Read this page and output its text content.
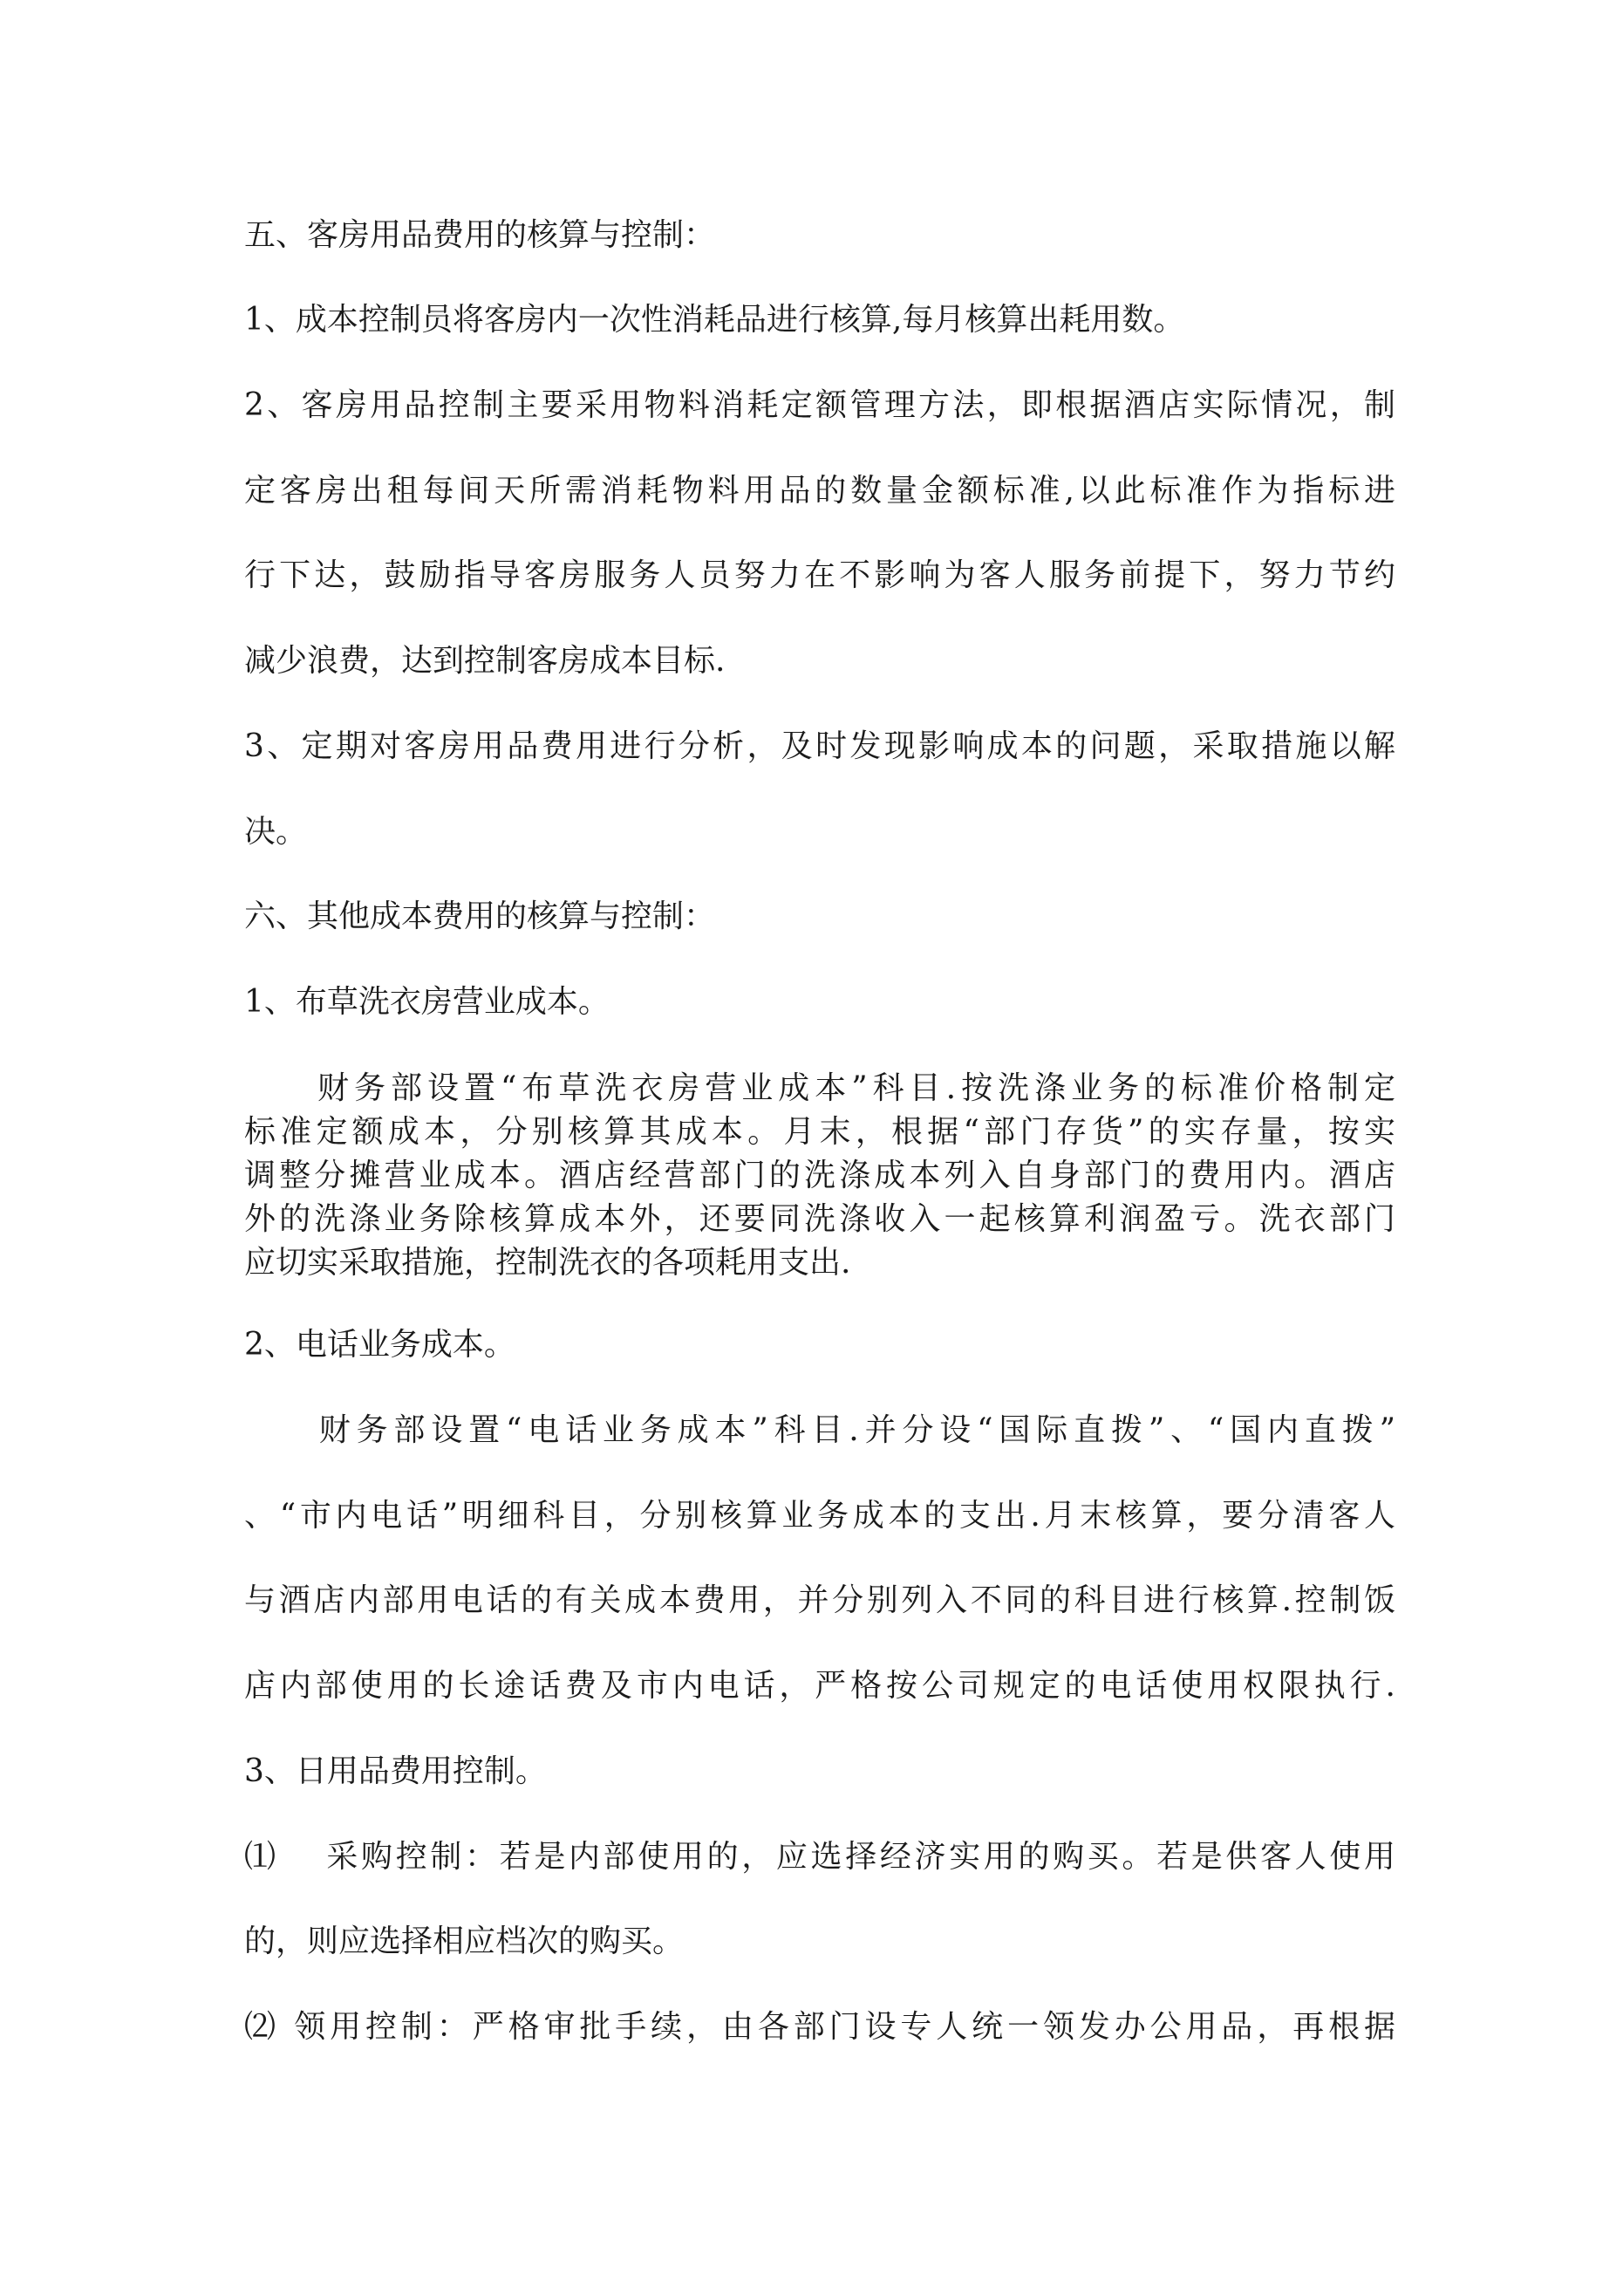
五、客房用品费用的核算与控制：
1、成本控制员将客房内一次性消耗品进行核算,每月核算出耗用数。
2、客房用品控制主要采用物料消耗定额管理方法，即根据酒店实际情况，制
定客房出租每间天所需消耗物料用品的数量金额标准,以此标准作为指标进
行下达，鼓励指导客房服务人员努力在不影响为客人服务前提下，努力节约
减少浪费，达到控制客房成本目标.
3、定期对客房用品费用进行分析，及时发现影响成本的问题，采取措施以解
决。
六、其他成本费用的核算与控制：
1、布草洗衣房营业成本。
　　财务部设置“布草洗衣房营业成本”科目.按洗涤业务的标准价格制定
标准定额成本，分别核算其成本。月末，根据“部门存货”的实存量，按实
调整分摊营业成本。酒店经营部门的洗涤成本列入自身部门的费用内。酒店
外的洗涤业务除核算成本外，还要同洗涤收入一起核算利润盈亏。洗衣部门
应切实采取措施，控制洗衣的各项耗用支出.
2、电话业务成本。
　　财务部设置“电话业务成本”科目.并分设“国际直拨”、“国内直拨”
、“市内电话”明细科目，分别核算业务成本的支出.月末核算，要分清客人
与酒店内部用电话的有关成本费用，并分别列入不同的科目进行核算.控制饭
店内部使用的长途话费及市内电话，严格按公司规定的电话使用权限执行.
3、日用品费用控制。
⑴　 采购控制：若是内部使用的，应选择经济实用的购买。若是供客人使用
的，则应选择相应档次的购买。
⑵ 领用控制：严格审批手续，由各部门设专人统一领发办公用品，再根据
